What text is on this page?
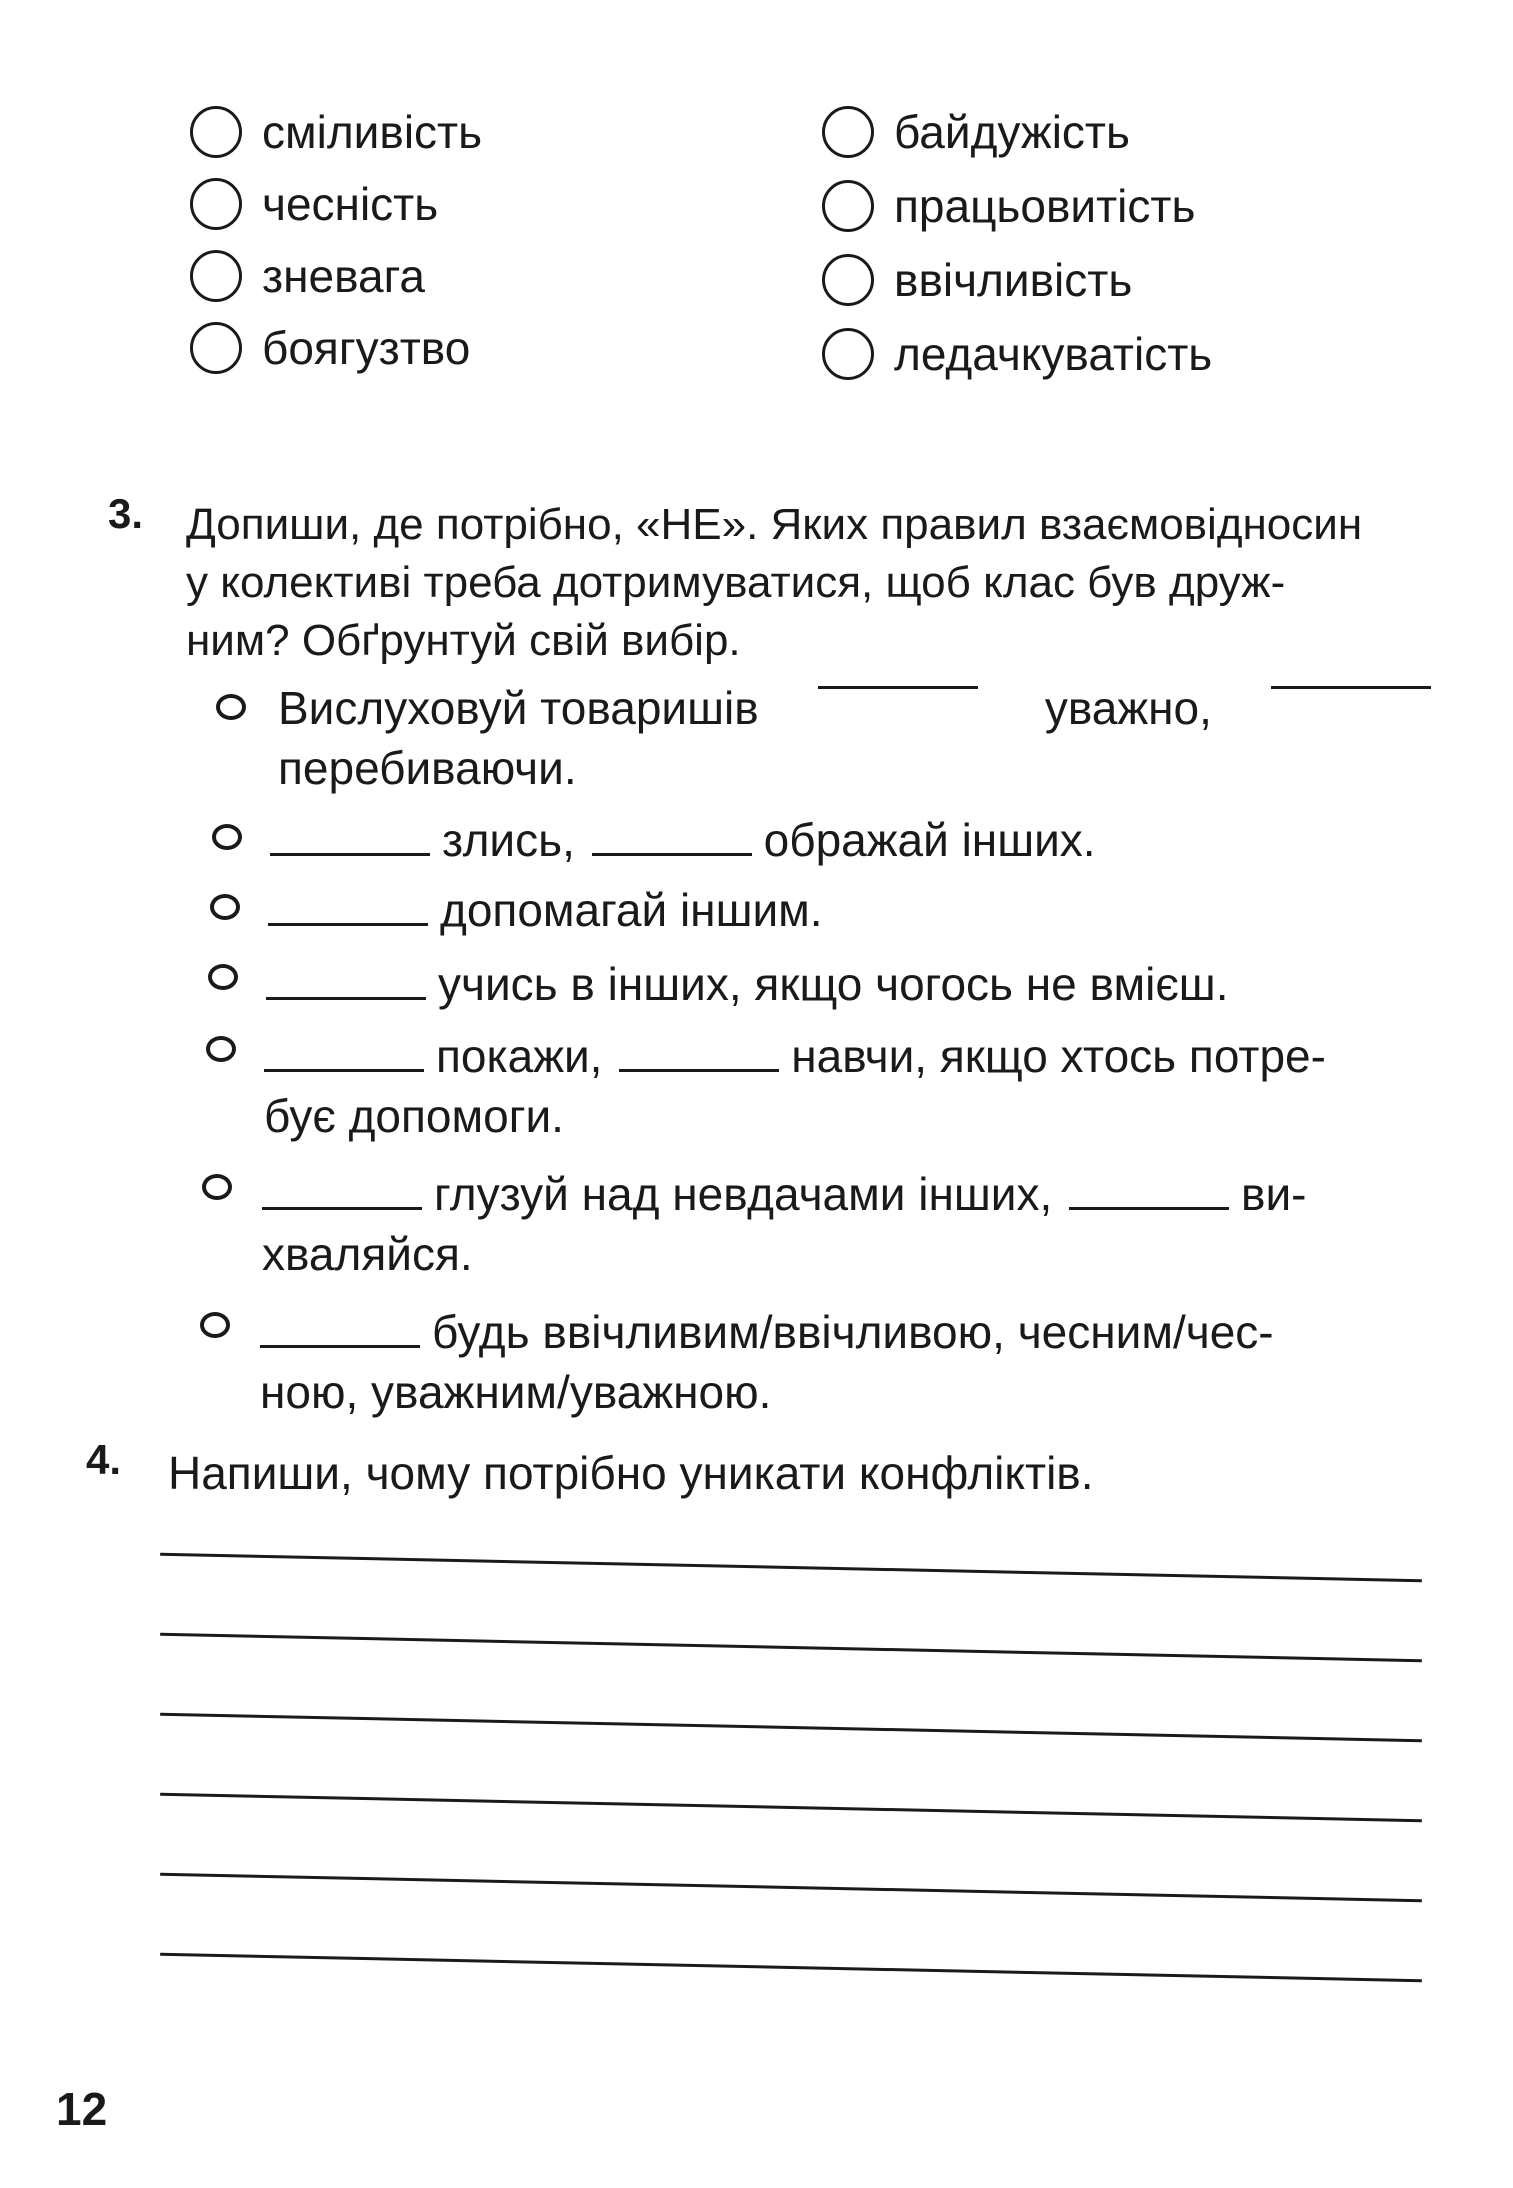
сміливість
чесність
зневага
боягузтво
байдужість
працьовитість
ввічливість
ледачкуватість
3. Допиши, де потрібно, «НЕ». Яких правил взаємовідносин
у колективі треба дотримуватися, щоб клас був друж-
ним? Обґрунтуй свій вибір.
Вислуховуй товаришів	уважно,
перебиваючи.
злись,	ображай інших.
допомагай іншим.
учись в інших, якщо чогось не вмієш.
покажи,	навчи, якщо хтось потре-
бує допомоги.
глузуй над невдачами інших,	ви-
хваляйся.
будь ввічливим/ввічливою, чесним/чес-
ною, уважним/уважною.
4. Напиши, чому потрібно уникати конфліктів.
12
